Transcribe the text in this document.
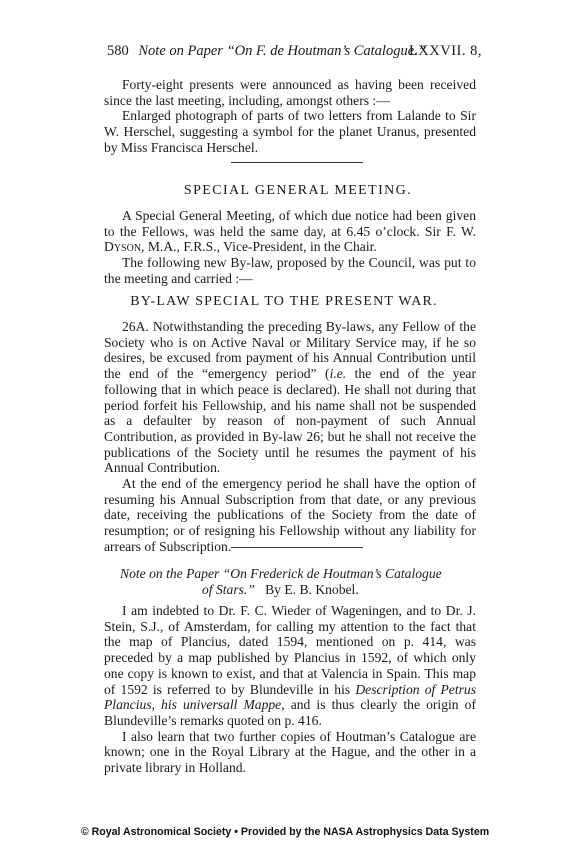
580 Note on Paper “On F. de Houtman’s Catalogue.”
LXXVII. 8,

Forty-eight presents were announced as having been received since the last meeting, including, amongst others :—

Enlarged photograph of parts of two letters from Lalande to Sir W. Herschel, suggesting a symbol for the planet Uranus, presented by Miss Francisca Herschel.

SPECIAL GENERAL MEETING.

A Special General Meeting, of which due notice had been given to the Fellows, was held the same day, at 6.45 o’clock. Sir F. W. Dyson, M.A., F.R.S., Vice-President, in the Chair.

The following new By-law, proposed by the Council, was put to the meeting and carried :—

BY-LAW SPECIAL TO THE PRESENT WAR.

26A. Notwithstanding the preceding By-laws, any Fellow of the Society who is on Active Naval or Military Service may, if he so desires, be excused from payment of his Annual Contribution until the end of the “emergency period” (i.e. the end of the year following that in which peace is declared). He shall not during that period forfeit his Fellowship, and his name shall not be suspended as a defaulter by reason of non-payment of such Annual Contribution, as provided in By-law 26; but he shall not receive the publications of the Society until he resumes the payment of his Annual Contribution.

At the end of the emergency period he shall have the option of resuming his Annual Subscription from that date, or any previous date, receiving the publications of the Society from the date of resumption; or of resigning his Fellowship without any liability for arrears of Subscription.

Note on the Paper “On Frederick de Houtman’s Catalogue
of Stars.” By E. B. Knobel.

I am indebted to Dr. F. C. Wieder of Wageningen, and to Dr. J. Stein, S.J., of Amsterdam, for calling my attention to the fact that the map of Plancius, dated 1594, mentioned on p. 414, was preceded by a map published by Plancius in 1592, of which only one copy is known to exist, and that at Valencia in Spain. This map of 1592 is referred to by Blundeville in his Description of Petrus Plancius, his universall Mappe, and is thus clearly the origin of Blundeville’s remarks quoted on p. 416.

I also learn that two further copies of Houtman’s Catalogue are known; one in the Royal Library at the Hague, and the other in a private library in Holland.

© Royal Astronomical Society • Provided by the NASA Astrophysics Data System
